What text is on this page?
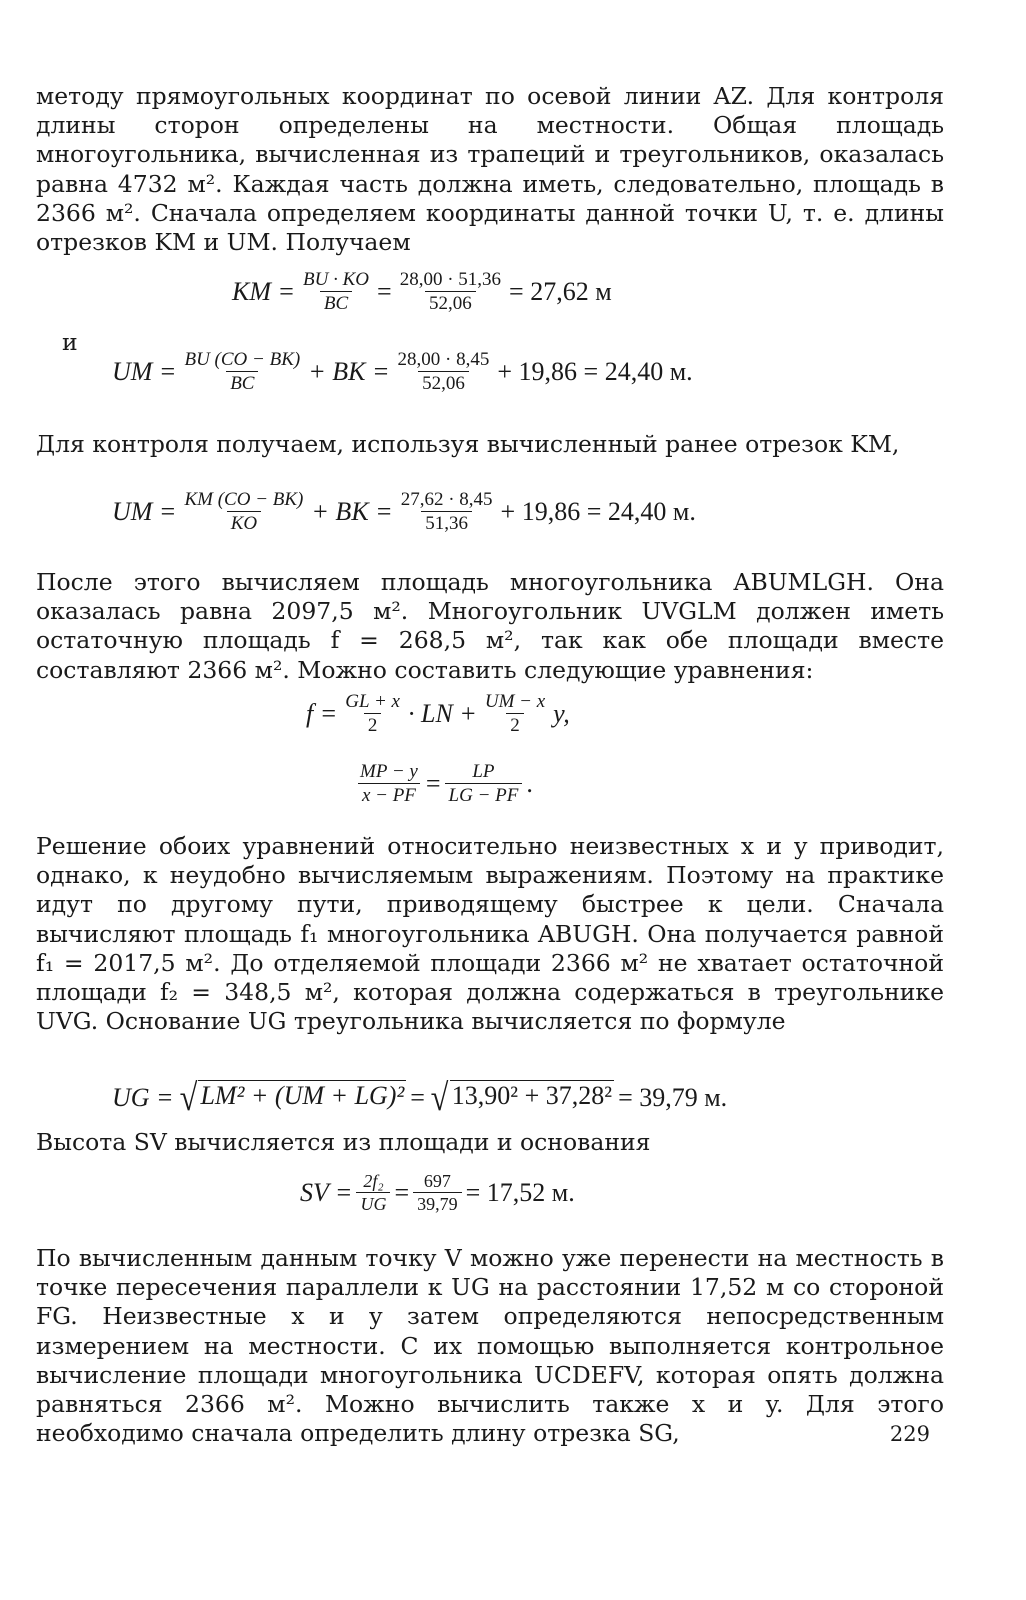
методу прямоугольных координат по осевой линии AZ. Для контроля длины сторон определены на местности. Общая площадь многоугольника, вычисленная из трапеций и треугольников, оказалась равна 4732 м². Каждая часть должна иметь, следовательно, площадь в 2366 м². Сначала определяем координаты данной точки U, т. е. длины отрезков KM и UM. Получаем
KM = $\frac{BU \cdot KO}{BC} = \frac{28,00 \cdot 51,36}{52,06} = 27,62$ м
и
UM = $\frac{BU (CO - BK)}{BC}$ + BK = $\frac{28,00 \cdot 8,45}{52,06} + 19,86 = 24,40$ м.
Для контроля получаем, используя вычисленный ранее отрезок KM,
UM = $\frac{KM (CO - BK)}{KO}$ + BK = $\frac{27,62 \cdot 8,45}{51,36} + 19,86 = 24,40$ м.
После этого вычисляем площадь многоугольника ABUMLGH. Она оказалась равна 2097,5 м². Многоугольник UVGLM должен иметь остаточную площадь f = 268,5 м², так как обе площади вместе составляют 2366 м². Можно составить следующие уравнения:
$f = \frac{GL + x}{2}$ · LN + $\frac{UM - x}{2} y$,
$\frac{MP - y}{x - PF} = \frac{LP}{LG - PF}$ .
Решение обоих уравнений относительно неизвестных x и y приводит, однако, к неудобно вычисляемым выражениям. Поэтому на практике идут по другому пути, приводящему быстрее к цели. Сначала вычисляют площадь f₁ многоугольника ABUGH. Она получается равной f₁ = 2017,5 м². До отделяемой площади 2366 м² не хватает остаточной площади f₂ = 348,5 м², которая должна содержаться в треугольнике UVG. Основание UG треугольника вычисляется по формуле
UG = √ LM² + (UM + LG)² = √ 13,90² + 37,28² = 39,79 м.
Высота SV вычисляется из площади и основания
SV = $\frac{\text{2f₂}}{UG} = \frac{697}{39,79} = 17,52$ м.
По вычисленным данным точку V можно уже перенести на местность в точке пересечения параллели к UG на расстоянии 17,52 м со стороной FG. Неизвестные x и y затем определяются непосредственным измерением на местности. С их помощью выполняется контрольное вычисление площади многоугольника UCDEFV, которая опять должна равняться 2366 м². Можно вычислить также x и y. Для этого необходимо сначала определить длину отрезка SG,	229
